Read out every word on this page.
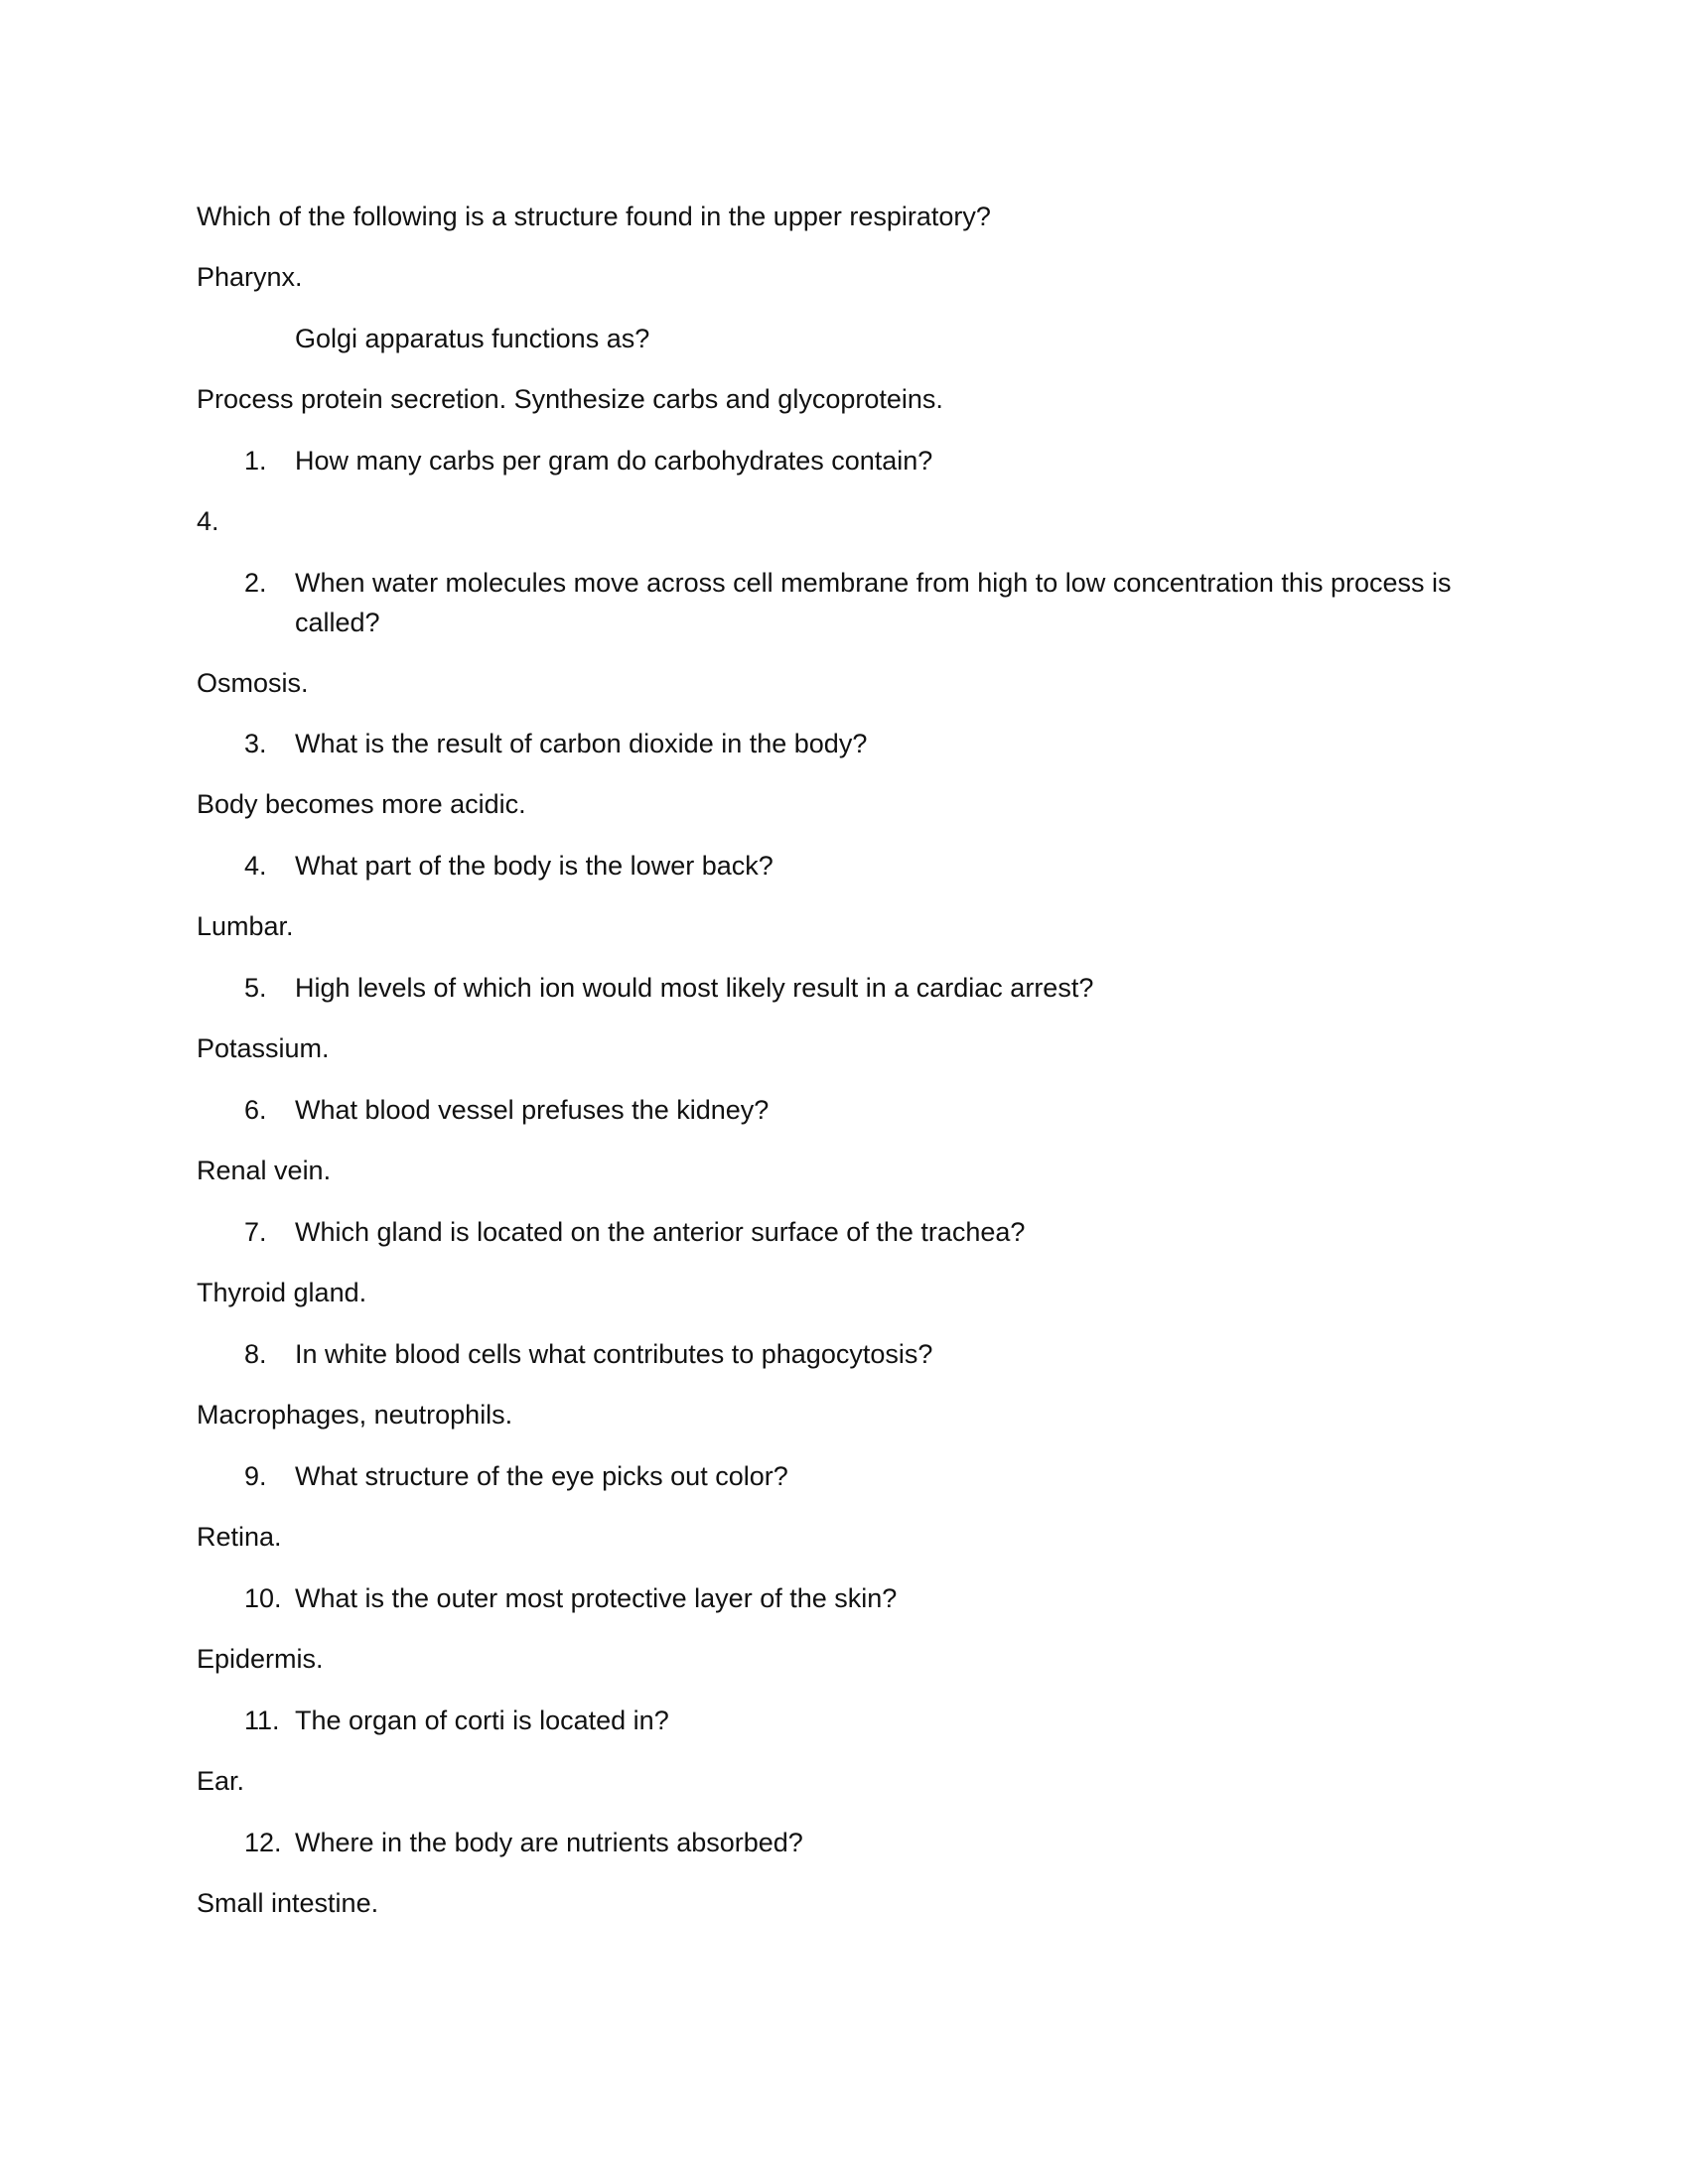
Which of the following is a structure found in the upper respiratory?

Pharynx.

Golgi apparatus functions as?

Process protein secretion. Synthesize carbs and glycoproteins.

1. How many carbs per gram do carbohydrates contain?

4.

2. When water molecules move across cell membrane from high to low concentration this process is called?

Osmosis.

3. What is the result of carbon dioxide in the body?

Body becomes more acidic.

4. What part of the body is the lower back?

Lumbar.

5. High levels of which ion would most likely result in a cardiac arrest?

Potassium.

6. What blood vessel prefuses the kidney?

Renal vein.

7. Which gland is located on the anterior surface of the trachea?

Thyroid gland.

8. In white blood cells what contributes to phagocytosis?

Macrophages, neutrophils.

9. What structure of the eye picks out color?

Retina.

10. What is the outer most protective layer of the skin?

Epidermis.

11. The organ of corti is located in?

Ear.

12. Where in the body are nutrients absorbed?

Small intestine.
